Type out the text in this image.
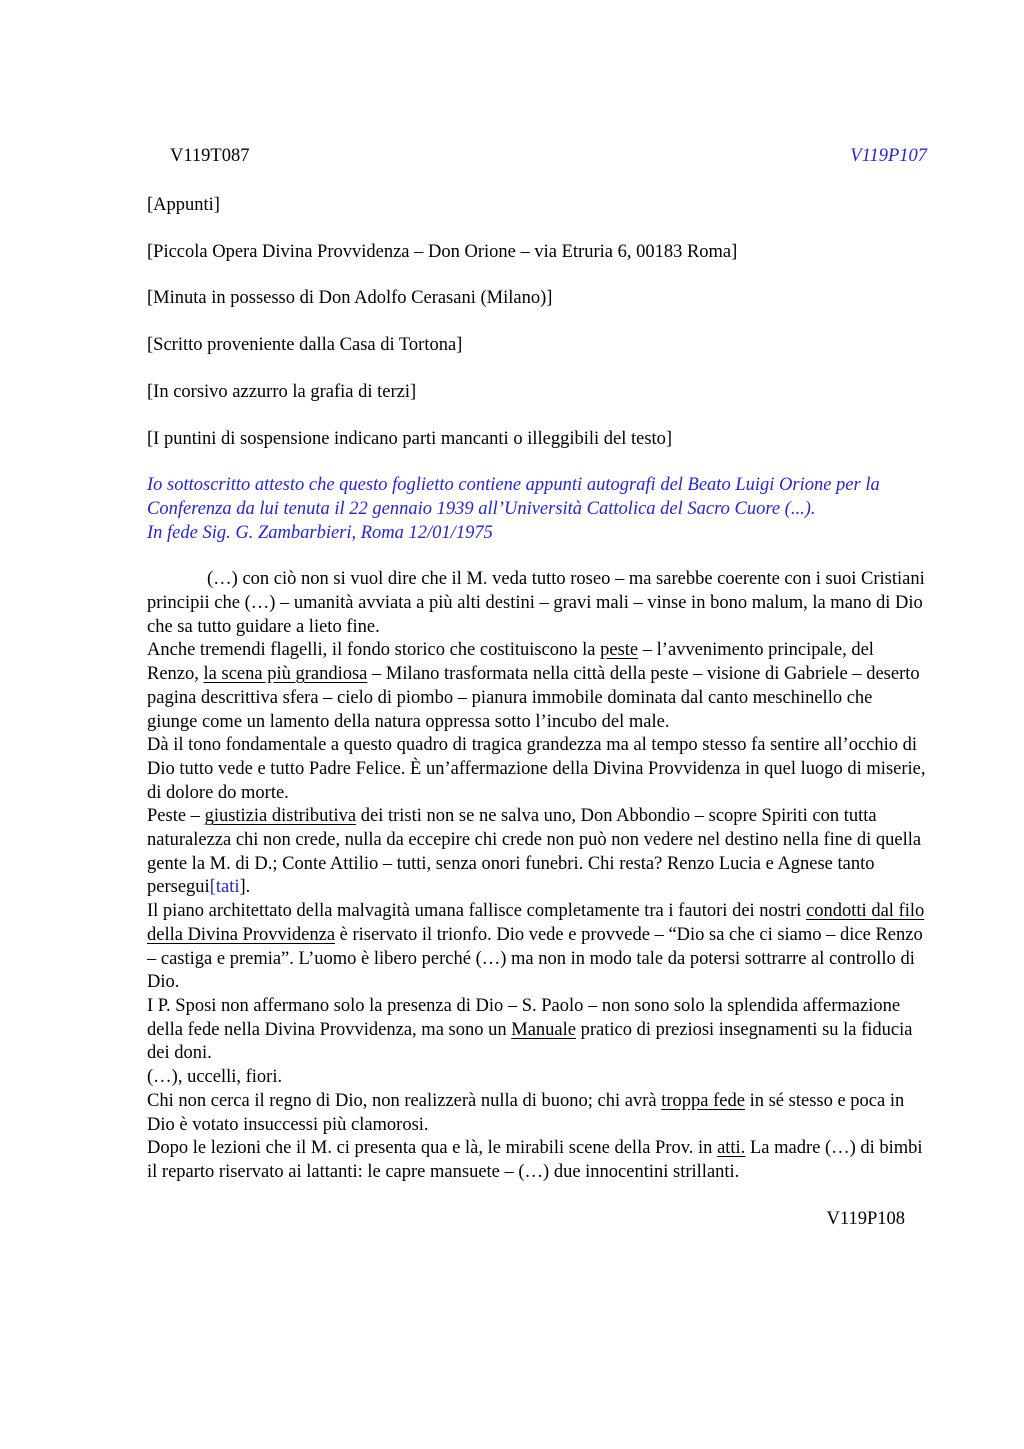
V119T087	V119P107

[Appunti]

[Piccola Opera Divina Provvidenza – Don Orione – via Etruria 6, 00183 Roma]

[Minuta in possesso di Don Adolfo Cerasani (Milano)]

[Scritto proveniente dalla Casa di Tortona]

[In corsivo azzurro la grafia di terzi]

[I puntini di sospensione indicano parti mancanti o illeggibili del testo]

Io sottoscritto attesto che questo foglietto contiene appunti autografi del Beato Luigi Orione per la Conferenza da lui tenuta il 22 gennaio 1939 all’Università Cattolica del Sacro Cuore (...).

In fede Sig. G. Zambarbieri, Roma 12/01/1975

(…) con ciò non si vuol dire che il M. veda tutto roseo – ma sarebbe coerente con i suoi Cristiani principii che (…) – umanità avviata a più alti destini – gravi mali – vinse in bono malum, la mano di Dio che sa tutto guidare a lieto fine.

Anche tremendi flagelli, il fondo storico che costituiscono la peste – l’avvenimento principale, del Renzo, la scena più grandiosa – Milano trasformata nella città della peste – visione di Gabriele – deserto pagina descrittiva sfera – cielo di piombo – pianura immobile dominata dal canto meschinello che giunge come un lamento della natura oppressa sotto l’incubo del male.

Dà il tono fondamentale a questo quadro di tragica grandezza ma al tempo stesso fa sentire all’occhio di Dio tutto vede e tutto Padre Felice. È un’affermazione della Divina Provvidenza in quel luogo di miserie, di dolore do morte.

Peste – giustizia distributiva dei tristi non se ne salva uno, Don Abbondio – scopre Spiriti con tutta naturalezza chi non crede, nulla da eccepire chi crede non può non vedere nel destino nella fine di quella gente la M. di D.; Conte Attilio – tutti, senza onori funebri. Chi resta? Renzo Lucia e Agnese tanto persegui[tati].

Il piano architettato della malvagità umana fallisce completamente tra i fautori dei nostri condotti dal filo della Divina Provvidenza è riservato il trionfo. Dio vede e provvede – “Dio sa che ci siamo – dice Renzo – castiga e premia”. L’uomo è libero perché (…) ma non in modo tale da potersi sottrarre al controllo di Dio.

I P. Sposi non affermano solo la presenza di Dio – S. Paolo – non sono solo la splendida affermazione della fede nella Divina Provvidenza, ma sono un Manuale pratico di preziosi insegnamenti su la fiducia dei doni.

(…), uccelli, fiori.

Chi non cerca il regno di Dio, non realizzerà nulla di buono; chi avrà troppa fede in sé stesso e poca in Dio è votato insuccessi più clamorosi.

Dopo le lezioni che il M. ci presenta qua e là, le mirabili scene della Prov. in atti. La madre (…) di bimbi il reparto riservato ai lattanti: le capre mansuete – (…) due innocentini strillanti.

V119P108
